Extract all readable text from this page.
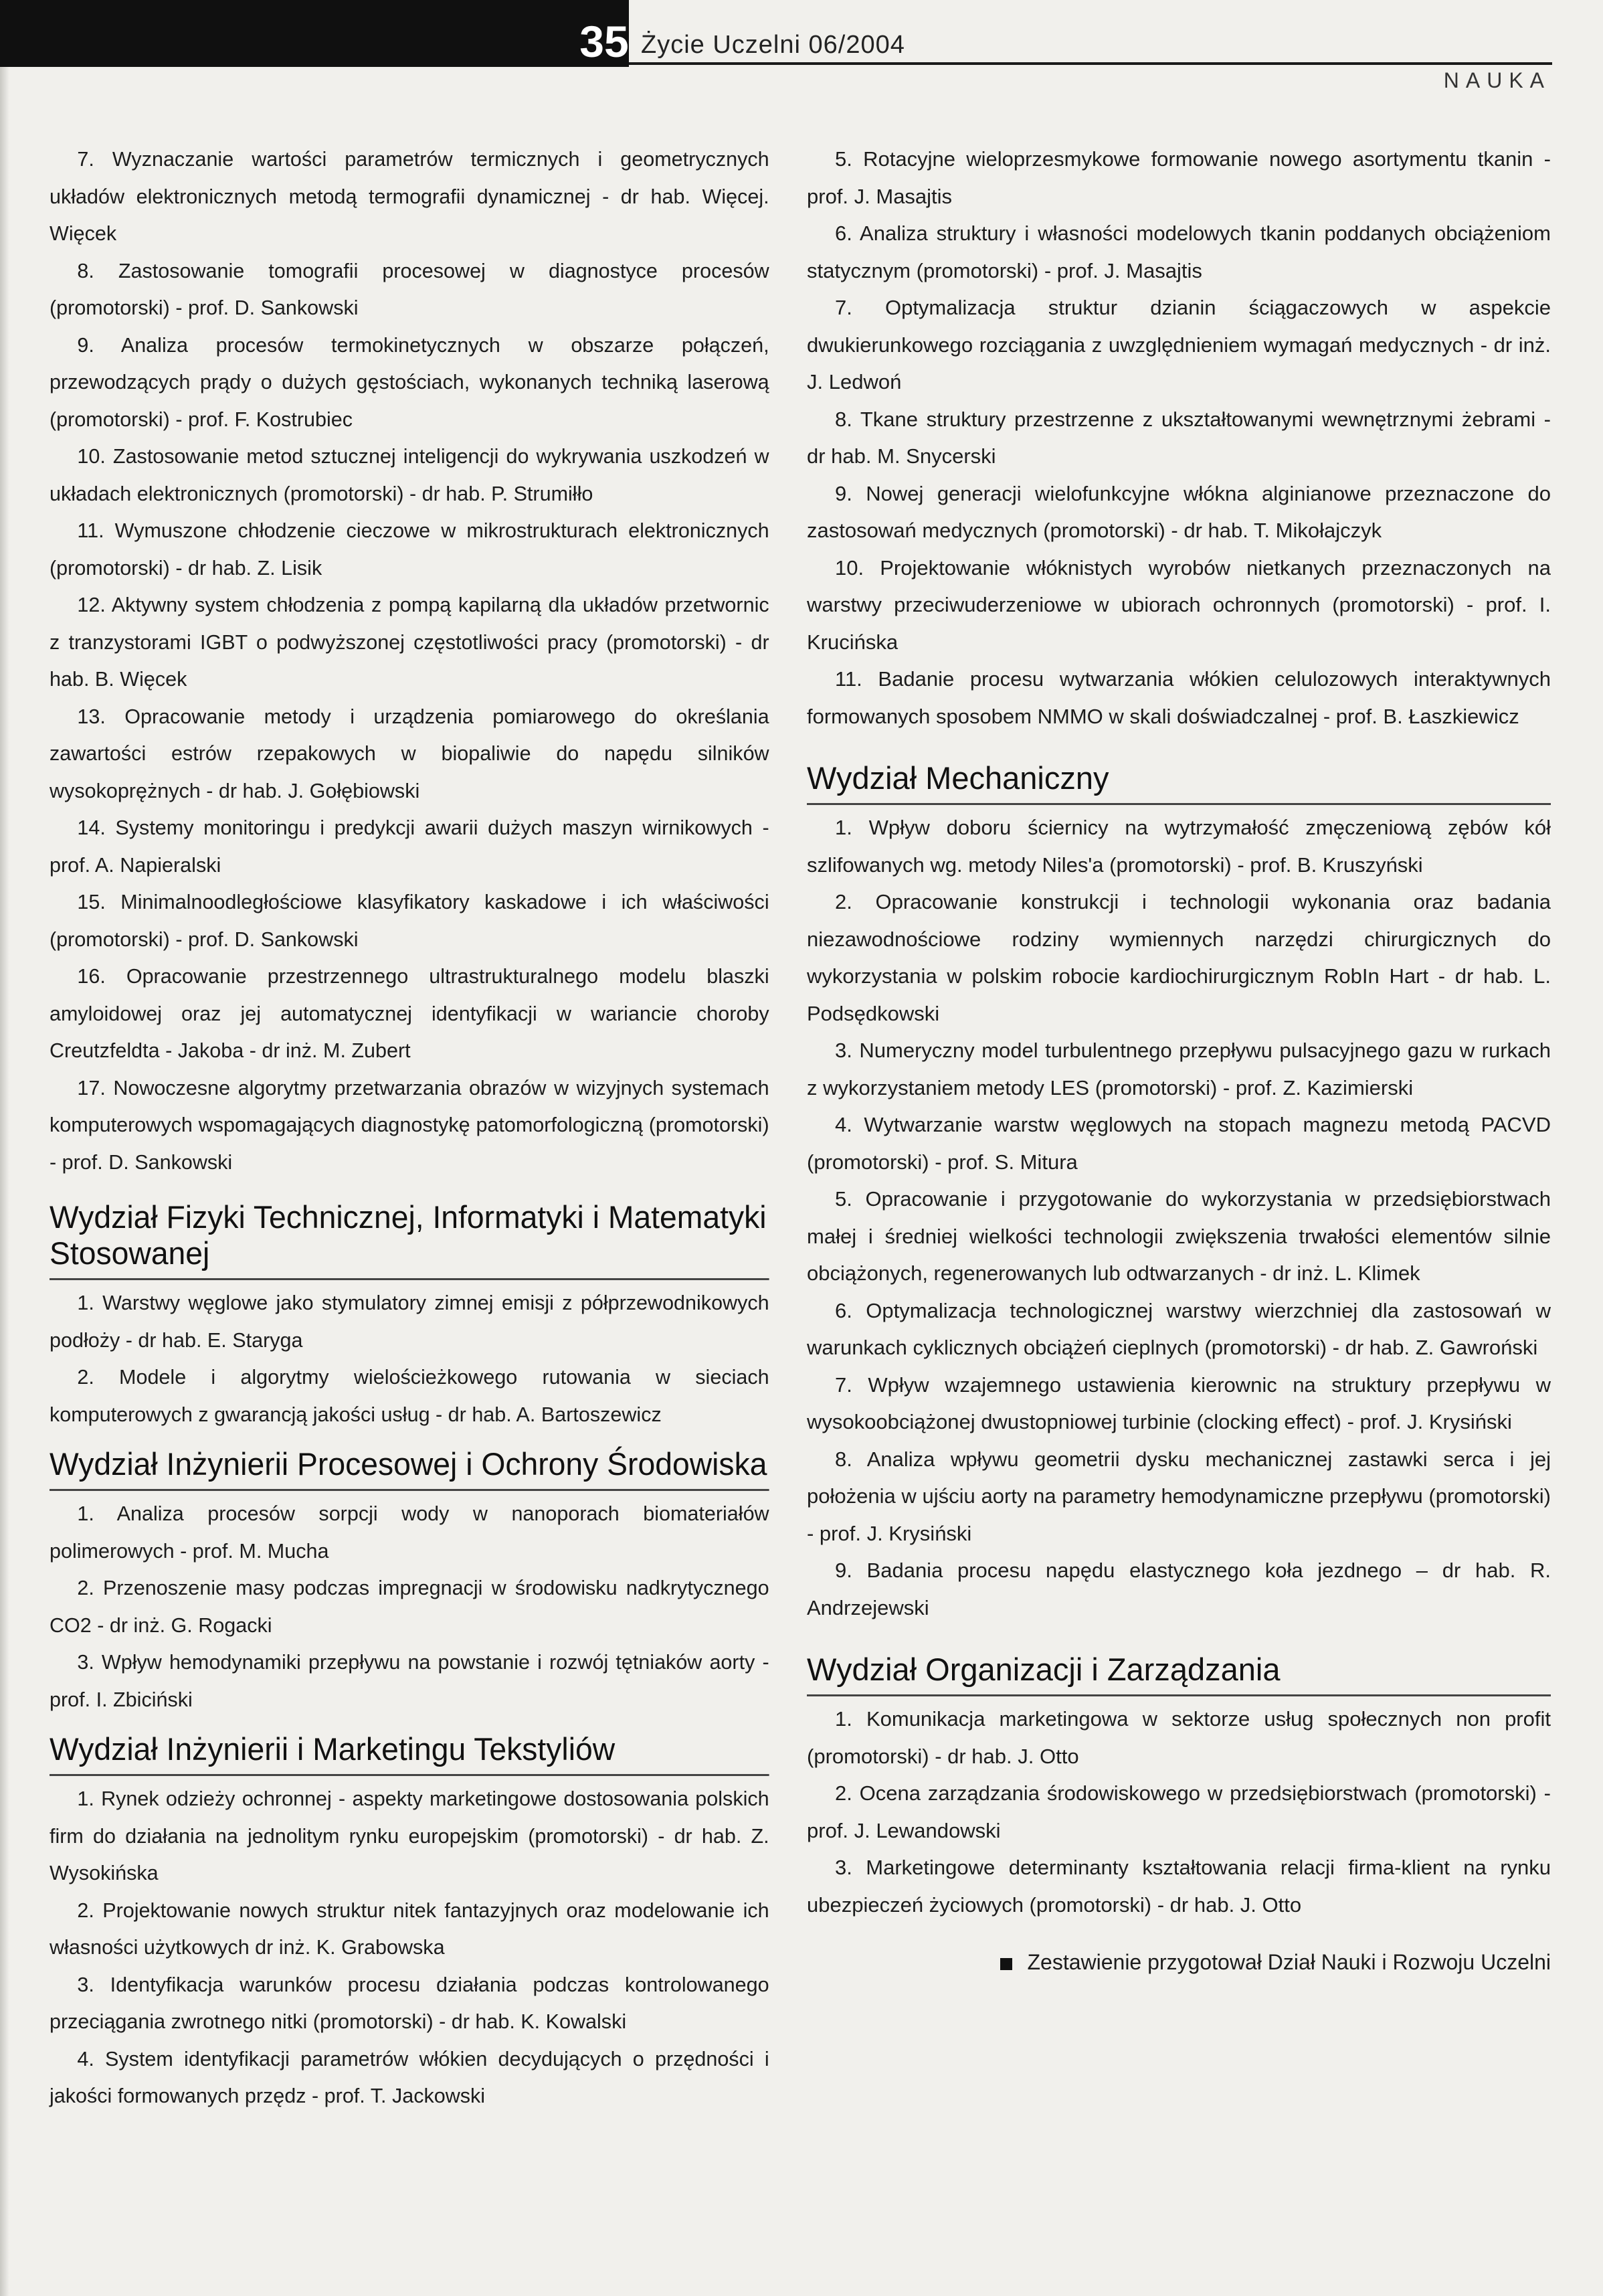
35 Życie Uczelni 06/2004
NAUKA

7. Wyznaczanie wartości parametrów termicznych i geometrycznych układów elektronicznych metodą termografii dynamicznej - dr hab. Więcej. Więcek

8. Zastosowanie tomografii procesowej w diagnostyce procesów (promotorski) - prof. D. Sankowski

9. Analiza procesów termokinetycznych w obszarze połączeń, przewodzących prądy o dużych gęstościach, wykonanych techniką laserową (promotorski) - prof. F. Kostrubiec

10. Zastosowanie metod sztucznej inteligencji do wykrywania uszkodzeń w układach elektronicznych (promotorski) - dr hab. P. Strumiłło

11. Wymuszone chłodzenie cieczowe w mikrostrukturach elektronicznych (promotorski) - dr hab. Z. Lisik

12. Aktywny system chłodzenia z pompą kapilarną dla układów przetwornic z tranzystorami IGBT o podwyższonej częstotliwości pracy (promotorski) - dr hab. B. Więcek

13. Opracowanie metody i urządzenia pomiarowego do określania zawartości estrów rzepakowych w biopaliwie do napędu silników wysokoprężnych - dr hab. J. Gołębiowski

14. Systemy monitoringu i predykcji awarii dużych maszyn wirnikowych - prof. A. Napieralski

15. Minimalnoodległościowe klasyfikatory kaskadowe i ich właściwości (promotorski) - prof. D. Sankowski

16. Opracowanie przestrzennego ultrastrukturalnego modelu blaszki amyloidowej oraz jej automatycznej identyfikacji w wariancie choroby Creutzfeldta - Jakoba - dr inż. M. Zubert

17. Nowoczesne algorytmy przetwarzania obrazów w wizyjnych systemach komputerowych wspomagających diagnostykę patomorfologiczną (promotorski) - prof. D. Sankowski

Wydział Fizyki Technicznej, Informatyki i Matematyki Stosowanej

1. Warstwy węglowe jako stymulatory zimnej emisji z półprzewodnikowych podłoży - dr hab. E. Staryga

2. Modele i algorytmy wielościeżkowego rutowania w sieciach komputerowych z gwarancją jakości usług - dr hab. A. Bartoszewicz

Wydział Inżynierii Procesowej i Ochrony Środowiska

1. Analiza procesów sorpcji wody w nanoporach biomateriałów polimerowych - prof. M. Mucha

2. Przenoszenie masy podczas impregnacji w środowisku nadkrytycznego CO2 - dr inż. G. Rogacki

3. Wpływ hemodynamiki przepływu na powstanie i rozwój tętniaków aorty - prof. I. Zbiciński

Wydział Inżynierii i Marketingu Tekstyliów

1. Rynek odzieży ochronnej - aspekty marketingowe dostosowania polskich firm do działania na jednolitym rynku europejskim (promotorski) - dr hab. Z. Wysokińska

2. Projektowanie nowych struktur nitek fantazyjnych oraz modelowanie ich własności użytkowych dr inż. K. Grabowska

3. Identyfikacja warunków procesu działania podczas kontrolowanego przeciągania zwrotnego nitki (promotorski) - dr hab. K. Kowalski

4. System identyfikacji parametrów włókien decydujących o przędności i jakości formowanych przędz - prof. T. Jackowski

5. Rotacyjne wieloprzesmykowe formowanie nowego asortymentu tkanin - prof. J. Masajtis

6. Analiza struktury i własności modelowych tkanin poddanych obciążeniom statycznym (promotorski) - prof. J. Masajtis

7. Optymalizacja struktur dzianin ściągaczowych w aspekcie dwukierunkowego rozciągania z uwzględnieniem wymagań medycznych - dr inż. J. Ledwoń

8. Tkane struktury przestrzenne z ukształtowanymi wewnętrznymi żebrami - dr hab. M. Snycerski

9. Nowej generacji wielofunkcyjne włókna alginianowe przeznaczone do zastosowań medycznych (promotorski) - dr hab. T. Mikołajczyk

10. Projektowanie włóknistych wyrobów nietkanych przeznaczonych na warstwy przeciwuderzeniowe w ubiorach ochronnych (promotorski) - prof. I. Krucińska

11. Badanie procesu wytwarzania włókien celulozowych interaktywnych formowanych sposobem NMMO w skali doświadczalnej - prof. B. Łaszkiewicz

Wydział Mechaniczny

1. Wpływ doboru ściernicy na wytrzymałość zmęczeniową zębów kół szlifowanych wg. metody Niles'a (promotorski) - prof. B. Kruszyński

2. Opracowanie konstrukcji i technologii wykonania oraz badania niezawodnościowe rodziny wymiennych narzędzi chirurgicznych do wykorzystania w polskim robocie kardiochirurgicznym RobIn Hart - dr hab. L. Podsędkowski

3. Numeryczny model turbulentnego przepływu pulsacyjnego gazu w rurkach z wykorzystaniem metody LES (promotorski) - prof. Z. Kazimierski

4. Wytwarzanie warstw węglowych na stopach magnezu metodą PACVD (promotorski) - prof. S. Mitura

5. Opracowanie i przygotowanie do wykorzystania w przedsiębiorstwach małej i średniej wielkości technologii zwiększenia trwałości elementów silnie obciążonych, regenerowanych lub odtwarzanych - dr inż. L. Klimek

6. Optymalizacja technologicznej warstwy wierzchniej dla zastosowań w warunkach cyklicznych obciążeń cieplnych (promotorski) - dr hab. Z. Gawroński

7. Wpływ wzajemnego ustawienia kierownic na struktury przepływu w wysokoobciążonej dwustopniowej turbinie (clocking effect) - prof. J. Krysiński

8. Analiza wpływu geometrii dysku mechanicznej zastawki serca i jej położenia w ujściu aorty na parametry hemodynamiczne przepływu (promotorski) - prof. J. Krysiński

9. Badania procesu napędu elastycznego koła jezdnego – dr hab. R. Andrzejewski

Wydział Organizacji i Zarządzania

1. Komunikacja marketingowa w sektorze usług społecznych non profit (promotorski) - dr hab. J. Otto

2. Ocena zarządzania środowiskowego w przedsiębiorstwach (promotorski) - prof. J. Lewandowski

3. Marketingowe determinanty kształtowania relacji firma-klient na rynku ubezpieczeń życiowych (promotorski) - dr hab. J. Otto

Zestawienie przygotował Dział Nauki i Rozwoju Uczelni
